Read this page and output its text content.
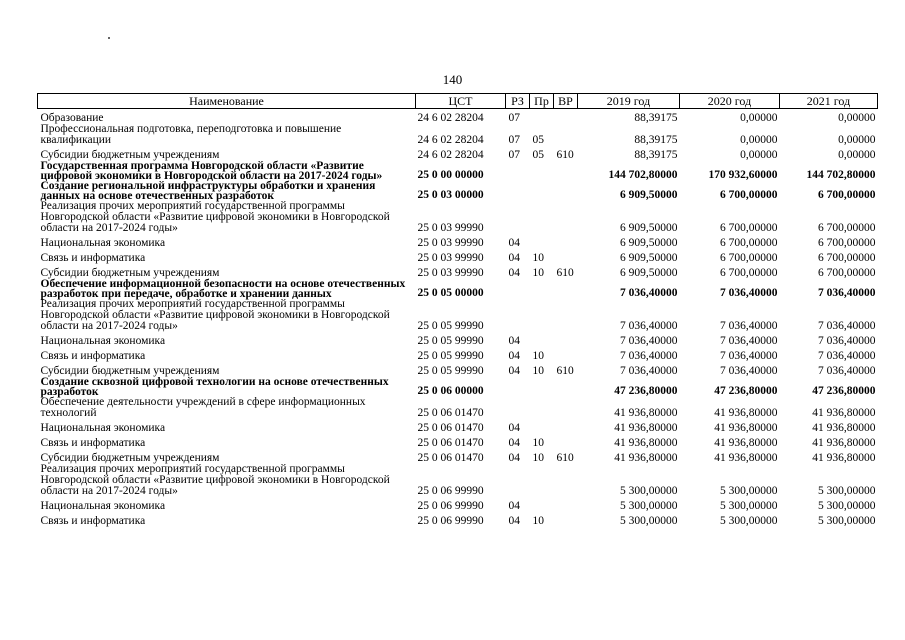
140
Наименование	ЦСТ	РЗ	Пр	ВР	2019 год	2020 год	2021 год
Образование	24 6 02 28204	07			88,39175	0,00000	0,00000
Профессиональная подготовка, переподготовка и повышение квалификации	24 6 02 28204	07	05		88,39175	0,00000	0,00000
Субсидии бюджетным учреждениям	24 6 02 28204	07	05	610	88,39175	0,00000	0,00000
Государственная программа Новгородской области «Развитие цифровой экономики в Новгородской области на 2017-2024 годы»	25 0 00 00000				144 702,80000	170 932,60000	144 702,80000
Создание региональной инфраструктуры обработки и хранения данных на основе отечественных разработок	25 0 03 00000				6 909,50000	6 700,00000	6 700,00000
Реализация прочих мероприятий государственной программы Новгородской области «Развитие цифровой экономики в Новгородской области на 2017-2024 годы»	25 0 03 99990				6 909,50000	6 700,00000	6 700,00000
Национальная экономика	25 0 03 99990	04			6 909,50000	6 700,00000	6 700,00000
Связь и информатика	25 0 03 99990	04	10		6 909,50000	6 700,00000	6 700,00000
Субсидии бюджетным учреждениям	25 0 03 99990	04	10	610	6 909,50000	6 700,00000	6 700,00000
Обеспечение информационной безопасности на основе отечественных разработок при передаче, обработке и хранении данных	25 0 05 00000				7 036,40000	7 036,40000	7 036,40000
Реализация прочих мероприятий государственной программы Новгородской области «Развитие цифровой экономики в Новгородской области на 2017-2024 годы»	25 0 05 99990				7 036,40000	7 036,40000	7 036,40000
Национальная экономика	25 0 05 99990	04			7 036,40000	7 036,40000	7 036,40000
Связь и информатика	25 0 05 99990	04	10		7 036,40000	7 036,40000	7 036,40000
Субсидии бюджетным учреждениям	25 0 05 99990	04	10	610	7 036,40000	7 036,40000	7 036,40000
Создание сквозной цифровой технологии на основе отечественных разработок	25 0 06 00000				47 236,80000	47 236,80000	47 236,80000
Обеспечение деятельности учреждений в сфере информационных технологий	25 0 06 01470				41 936,80000	41 936,80000	41 936,80000
Национальная экономика	25 0 06 01470	04			41 936,80000	41 936,80000	41 936,80000
Связь и информатика	25 0 06 01470	04	10		41 936,80000	41 936,80000	41 936,80000
Субсидии бюджетным учреждениям	25 0 06 01470	04	10	610	41 936,80000	41 936,80000	41 936,80000
Реализация прочих мероприятий государственной программы Новгородской области «Развитие цифровой экономики в Новгородской области на 2017-2024 годы»	25 0 06 99990				5 300,00000	5 300,00000	5 300,00000
Национальная экономика	25 0 06 99990	04			5 300,00000	5 300,00000	5 300,00000
Связь и информатика	25 0 06 99990	04	10		5 300,00000	5 300,00000	5 300,00000
